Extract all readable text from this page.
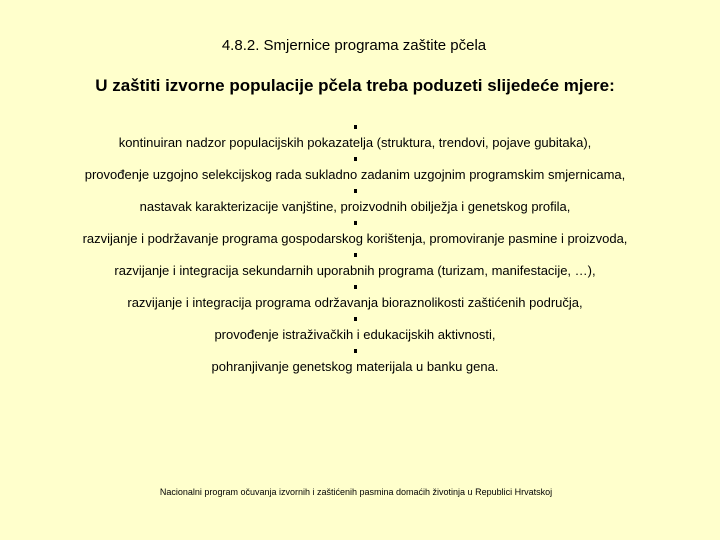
4.8.2. Smjernice programa zaštite pčela
U zaštiti izvorne populacije pčela treba poduzeti slijedeće mjere:
kontinuiran nadzor populacijskih pokazatelja (struktura, trendovi, pojave gubitaka),
provođenje uzgojno selekcijskog rada sukladno zadanim uzgojnim programskim smjernicama,
nastavak karakterizacije vanjštine, proizvodnih obilježja i genetskog profila,
razvijanje i podržavanje programa gospodarskog korištenja, promoviranje pasmine i proizvoda,
razvijanje i integracija sekundarnih uporabnih programa (turizam, manifestacije, …),
razvijanje i integracija programa održavanja bioraznolikosti zaštićenih područja,
provođenje istraživačkih i edukacijskih aktivnosti,
pohranjivanje genetskog materijala u banku gena.
Nacionalni program očuvanja izvornih i zaštićenih pasmina domaćih životinja u Republici Hrvatskoj
